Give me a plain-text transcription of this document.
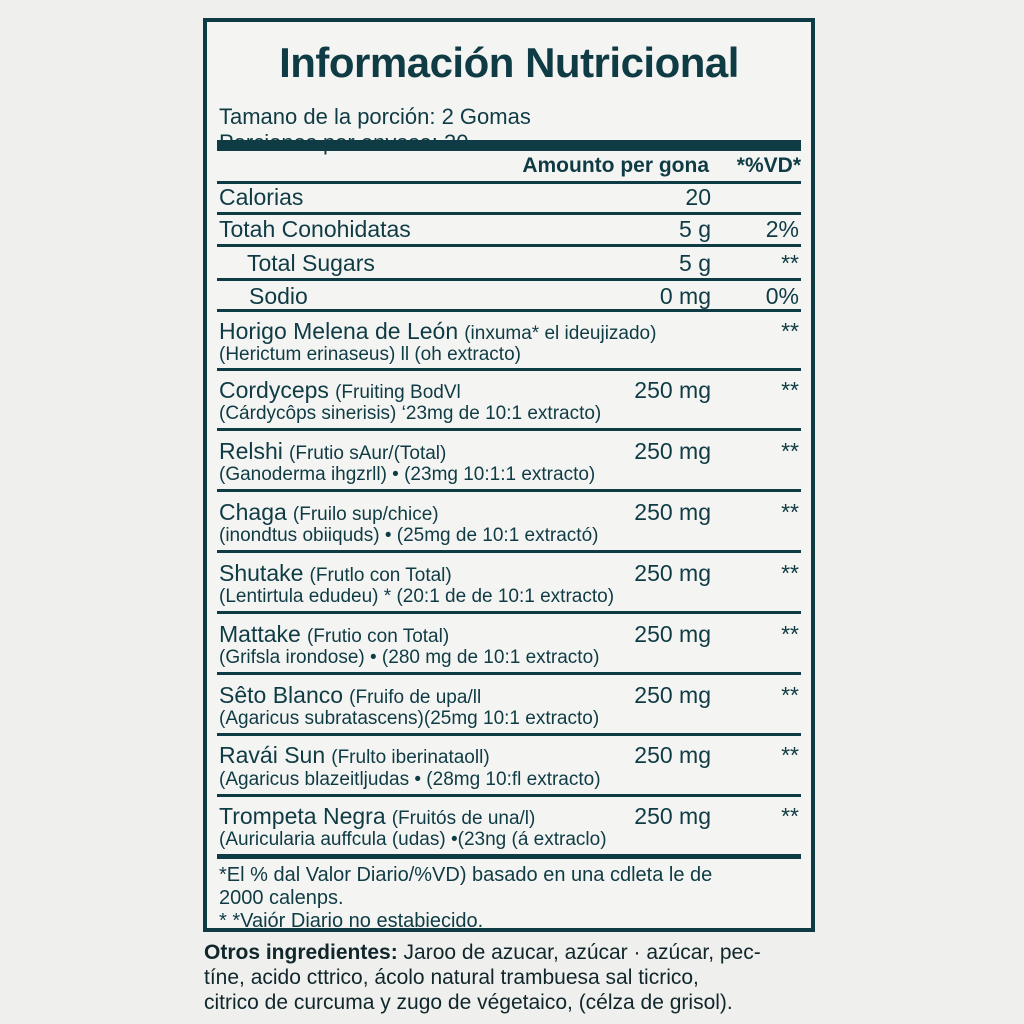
Información Nutricional
Tamano de la porción: 2 Gomas
Amounto per gona *%VD*
Calorias	20
Totah Conohidatas	5 g 2%
Total Sugars	5 g	**
Sodio	0 mg 0%
Horigo Melena de León (inxuma* el ideujizado)	**
(Herictum erinaseus) ll (oh extracto)
Cordyceps (Fruiting BodVl	250 mg	**
(Cárdycôps sinerisis) ‘23mg de 10:1 extracto)
Relshi (Frutio sAur/(Total)	250 mg	**
(Ganoderma ihgzrll) • (23mg 10:1:1 extracto)
Chaga (Fruilo sup/chice)	250 mg	**
(inondtus obiiquds) • (25mg de 10:1 extractó)
Shutake (Frutlo con Total)	250 mg	**
(Lentirtula edudeu) * (20:1 de de 10:1 extracto)
Mattake (Frutio con Total)	250 mg	**
(Grifsla irondose) • (280 mg de 10:1 extracto)
Sêto Blanco (Fruifo de upa/ll	250 mg	**
(Agaricus subratascens)(25mg 10:1 extracto)
Ravái Sun (Frulto iberinataoll)	250 mg	**
(Agaricus blazeitljudas • (28mg 10:fl extracto)
Trompeta Negra (Fruitós de una/l)	250 mg	**
(Auricularia auffcula (udas) •(23ng (á extraclo)
*El % dal Valor Diario/%VD) basado en una cdleta le de
2000 calenps.
* *Vaiór Diario no estabiecido.
Otros ingredientes: Jaroo de azucar, azúcar · azúcar, pec-
tíne, acido cttrico, ácolo natural trambuesa sal ticrico,
citrico de curcuma y zugo de végetaico, (célza de grisol).
